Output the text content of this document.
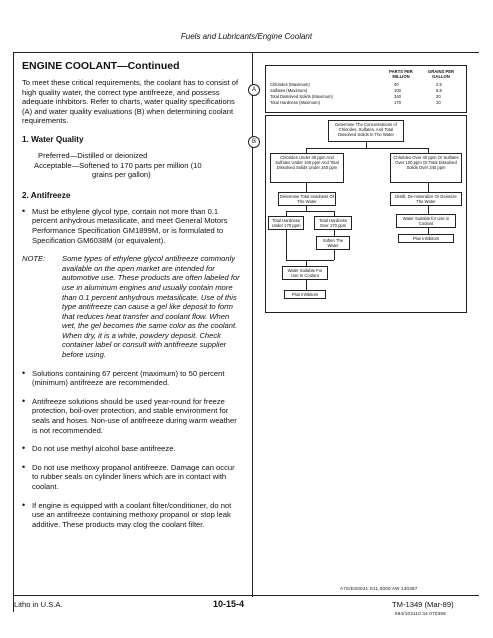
Fuels and Lubricants/Engine Coolant
ENGINE COOLANT—Continued

To meet these critical requirements, the coolant has to consist of high quality water, the correct type antifreeze, and possess adequate inhibitors. Refer to charts, water quality specifications (A) and water quality evaluations (B) when determining coolant requirements.

1. Water Quality
Preferred—Distilled or deionized
Acceptable—Softened to 170 parts per million (10
grains per gallon)
2. Antifreeze
• Must be ethylene glycol type, contain not more than 0.1 percent anhydrous metasilicate, and meet General Motors Performance Specification GM1899M, or is formulated to Specification GM6038M (or equivalent).
NOTE: Some types of ethylene glycol antifreeze commonly available on the open market are intended for automotive use. These products are often labeled for use in aluminum engines and usually contain more than 0.1 percent anhydrous metasilicate. Use of this type antifreeze can cause a gel like deposit to form that reduces heat transfer and coolant flow. When wet, the gel becomes the same color as the coolant. When dry, it is a white, powdery deposit. Check container label or consult with antifreeze supplier before using.
• Solutions containing 67 percent (maximum) to 50 percent (minimum) antifreeze are recommended.
• Antifreeze solutions should be used year-round for freeze protection, boil-over protection, and stable environment for seals and hoses. Non-use of antifreeze during warm weather is not recommended.
• Do not use methyl alcohol base antifreeze.
• Do not use methoxy propanol antifreeze. Damage can occur to rubber seals on cylinder liners which are in contact with coolant.
• If engine is equipped with a coolant filter/conditioner, do not use an antifreeze containing methoxy propanol or stop leak additive. These products may clog the coolant filter.
A
PARTS PER MILLION
GRAINS PER GALLON
Chlorides (Maximum)	40	2.5
Sulfates (Maximum)	100	5.8
Total Dissolved Solids (Maximum)	340	20
Total Hardness (Maximum)	170	10
B
Determine The Concentrations of Chlorides, Sulfates, And Total Dissolved Solids In The Water
Chlorides Under 40 ppm And Sulfates Under 100 ppm And Total Dissolved Solids Under 340 ppm
Chlorides Over 40 ppm Or Sulfates Over 100 ppm Or Total Dissolved Solids Over 340 ppm
Determine Total Hardness Of The Water
Distill, De-mineralize Or Deionize The Water
Water Suitable for Use in Coolant
Plus Inhibitors
Total Hardness Under 170 ppm
Total Hardness Over 170 ppm
Soften The Water
Water Suitable For Use In Coolant
Plus Inhibitors
A7S/ES0041 S11,0000 AW 130387
Litho in U.S.A.	10-15-4	TM-1349 (Mar-89)
584/103110 34 070389
